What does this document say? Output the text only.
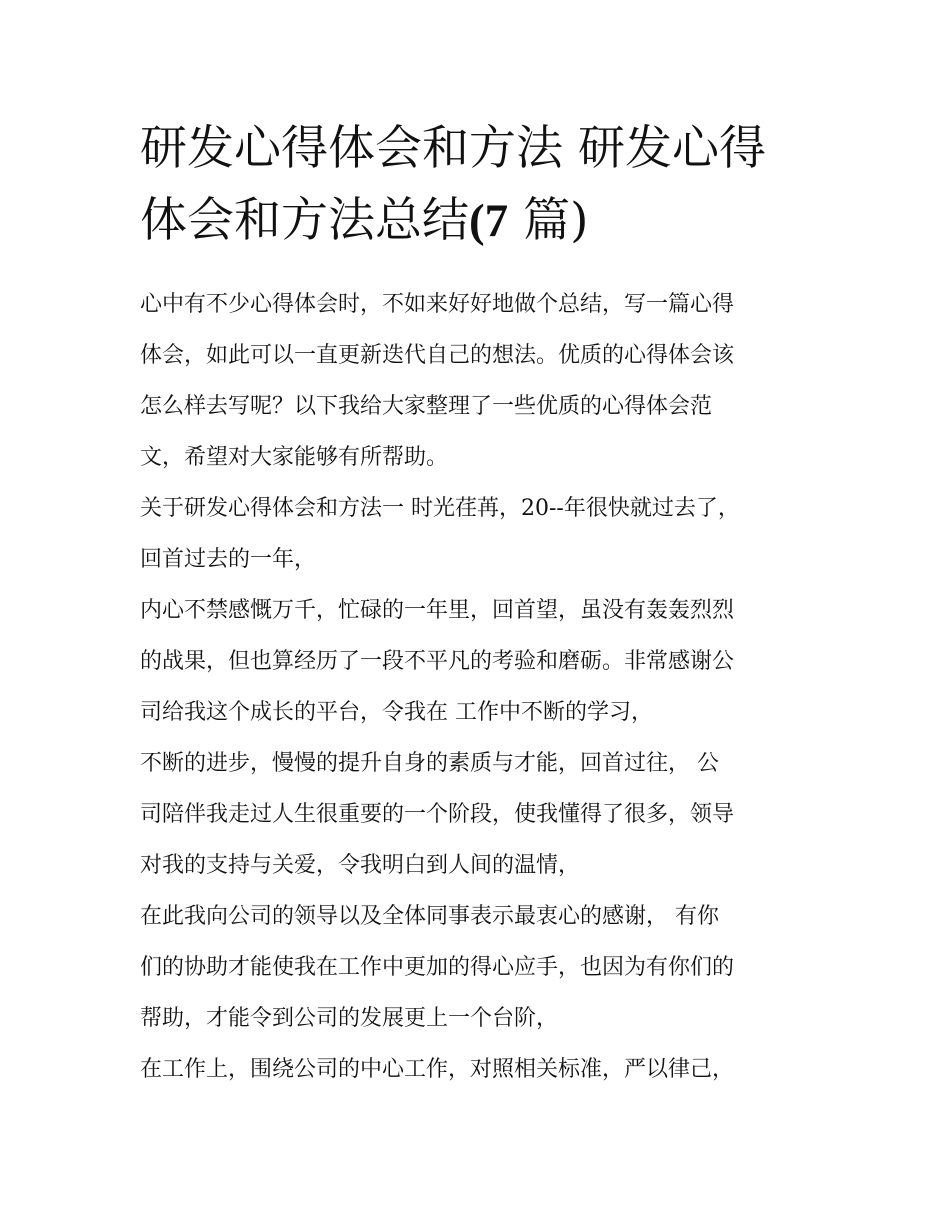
研发心得体会和方法 研发心得
体会和方法总结(7 篇)
心中有不少心得体会时，不如来好好地做个总结，写一篇心得
体会，如此可以一直更新迭代自己的想法。优质的心得体会该
怎么样去写呢？以下我给大家整理了一些优质的心得体会范
文，希望对大家能够有所帮助。
关于研发心得体会和方法一 时光荏苒，20--年很快就过去了，
回首过去的一年，
内心不禁感慨万千，忙碌的一年里，回首望，虽没有轰轰烈烈
的战果，但也算经历了一段不平凡的考验和磨砺。非常感谢公
司给我这个成长的平台，令我在 工作中不断的学习，
不断的进步，慢慢的提升自身的素质与才能，回首过往， 公
司陪伴我走过人生很重要的一个阶段，使我懂得了很多，领导
对我的支持与关爱，令我明白到人间的温情，
在此我向公司的领导以及全体同事表示最衷心的感谢， 有你
们的协助才能使我在工作中更加的得心应手，也因为有你们的
帮助，才能令到公司的发展更上一个台阶，
在工作上，围绕公司的中心工作，对照相关标准，严以律己，
